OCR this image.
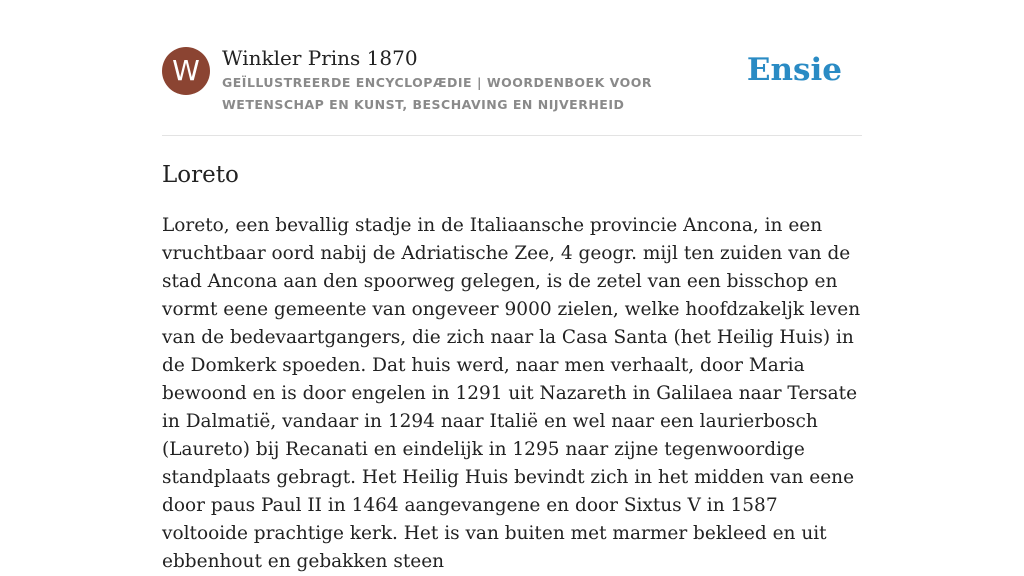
W	Winkler Prins 1870
GEÏLLUSTREERDE ENCYCLOPÆDIE | WOORDENBOEK VOOR WETENSCHAP EN KUNST, BESCHAVING EN NIJVERHEID
Ensie
Loreto

Loreto, een bevallig stadje in de Italiaansche provincie Ancona, in een vruchtbaar oord nabij de Adriatische Zee, 4 geogr. mijl ten zuiden van de stad Ancona aan den spoorweg gelegen, is de zetel van een bisschop en vormt eene gemeente van ongeveer 9000 zielen, welke hoofdzakeljk leven van de bedevaartgangers, die zich naar la Casa Santa (het Heilig Huis) in de Domkerk spoeden. Dat huis werd, naar men verhaalt, door Maria bewoond en is door engelen in 1291 uit Nazareth in Galilaea naar Tersate in Dalmatië, vandaar in 1294 naar Italië en wel naar een laurierbosch (Laureto) bij Recanati en eindelijk in 1295 naar zijne tegenwoordige standplaats gebragt. Het Heilig Huis bevindt zich in het midden van eene door paus Paul II in 1464 aangevangene en door Sixtus V in 1587 voltooide prachtige kerk. Het is van buiten met marmer bekleed en uit ebbenhout en gebakken steen
